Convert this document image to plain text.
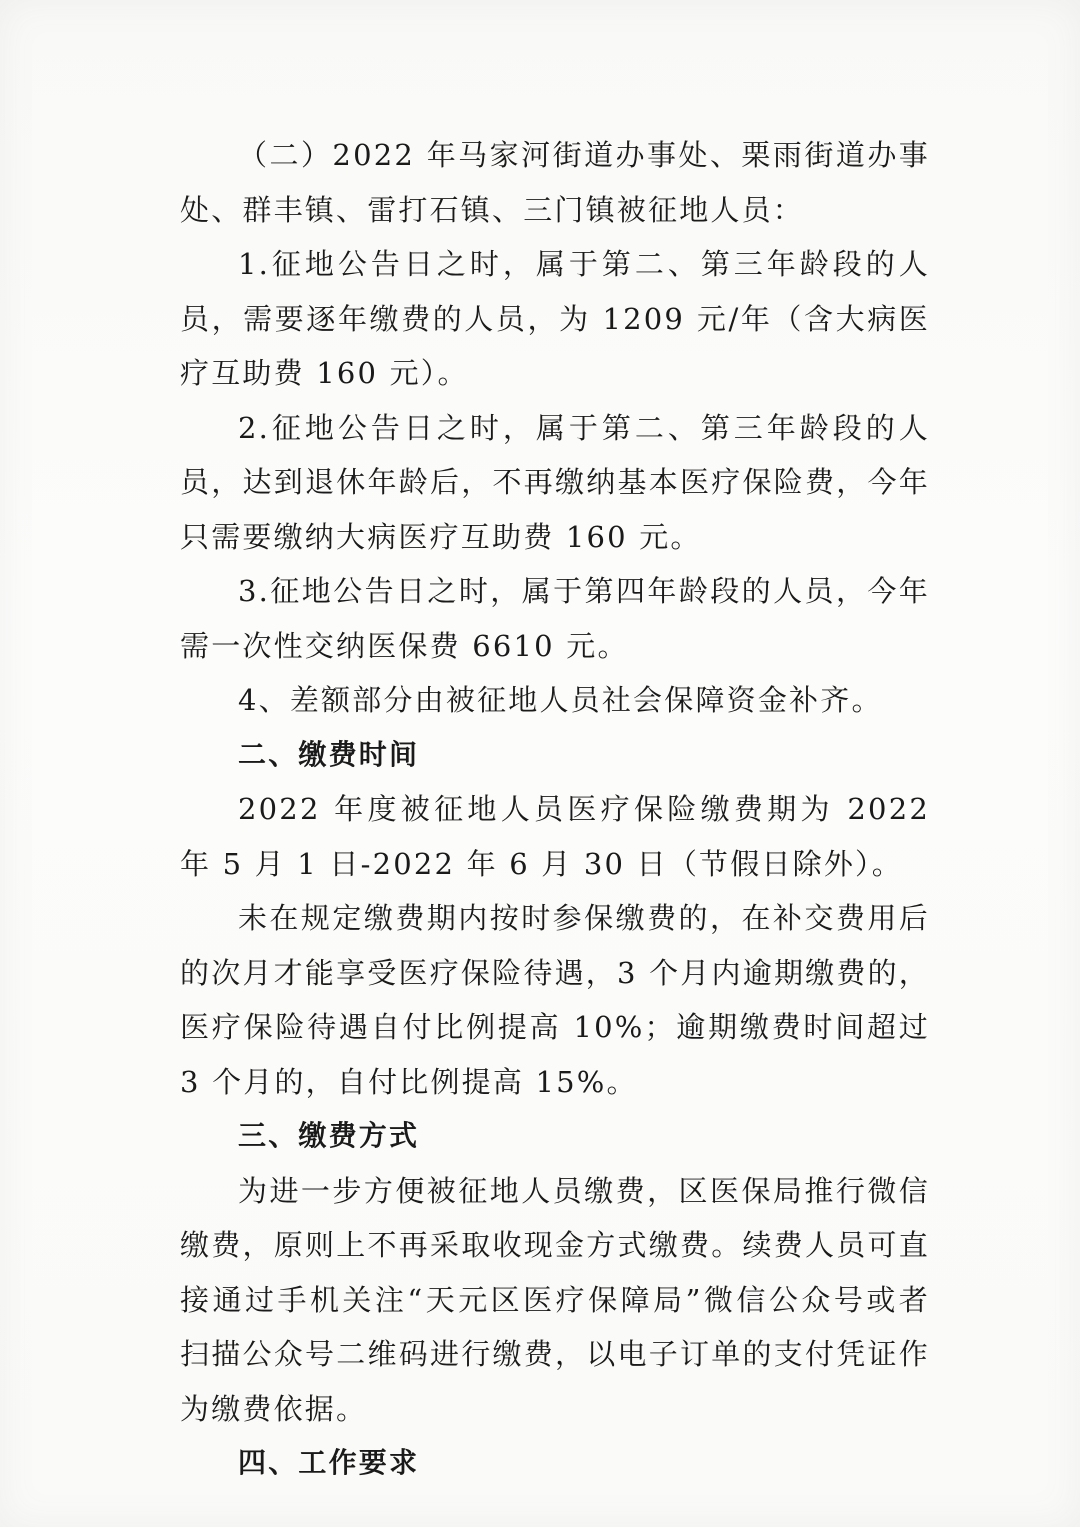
（二）2022 年马家河街道办事处、栗雨街道办事处、群丰镇、雷打石镇、三门镇被征地人员：

1.征地公告日之时，属于第二、第三年龄段的人员，需要逐年缴费的人员，为 1209 元/年（含大病医疗互助费 160 元）。

2.征地公告日之时，属于第二、第三年龄段的人员，达到退休年龄后，不再缴纳基本医疗保险费，今年只需要缴纳大病医疗互助费 160 元。

3.征地公告日之时，属于第四年龄段的人员，今年需一次性交纳医保费 6610 元。

4、差额部分由被征地人员社会保障资金补齐。

二、缴费时间

2022 年度被征地人员医疗保险缴费期为 2022 年 5 月 1 日-2022 年 6 月 30 日（节假日除外）。

未在规定缴费期内按时参保缴费的，在补交费用后的次月才能享受医疗保险待遇，3 个月内逾期缴费的，医疗保险待遇自付比例提高 10%；逾期缴费时间超过 3 个月的，自付比例提高 15%。

三、缴费方式

为进一步方便被征地人员缴费，区医保局推行微信缴费，原则上不再采取收现金方式缴费。续费人员可直接通过手机关注“天元区医疗保障局”微信公众号或者扫描公众号二维码进行缴费，以电子订单的支付凭证作为缴费依据。

四、工作要求
